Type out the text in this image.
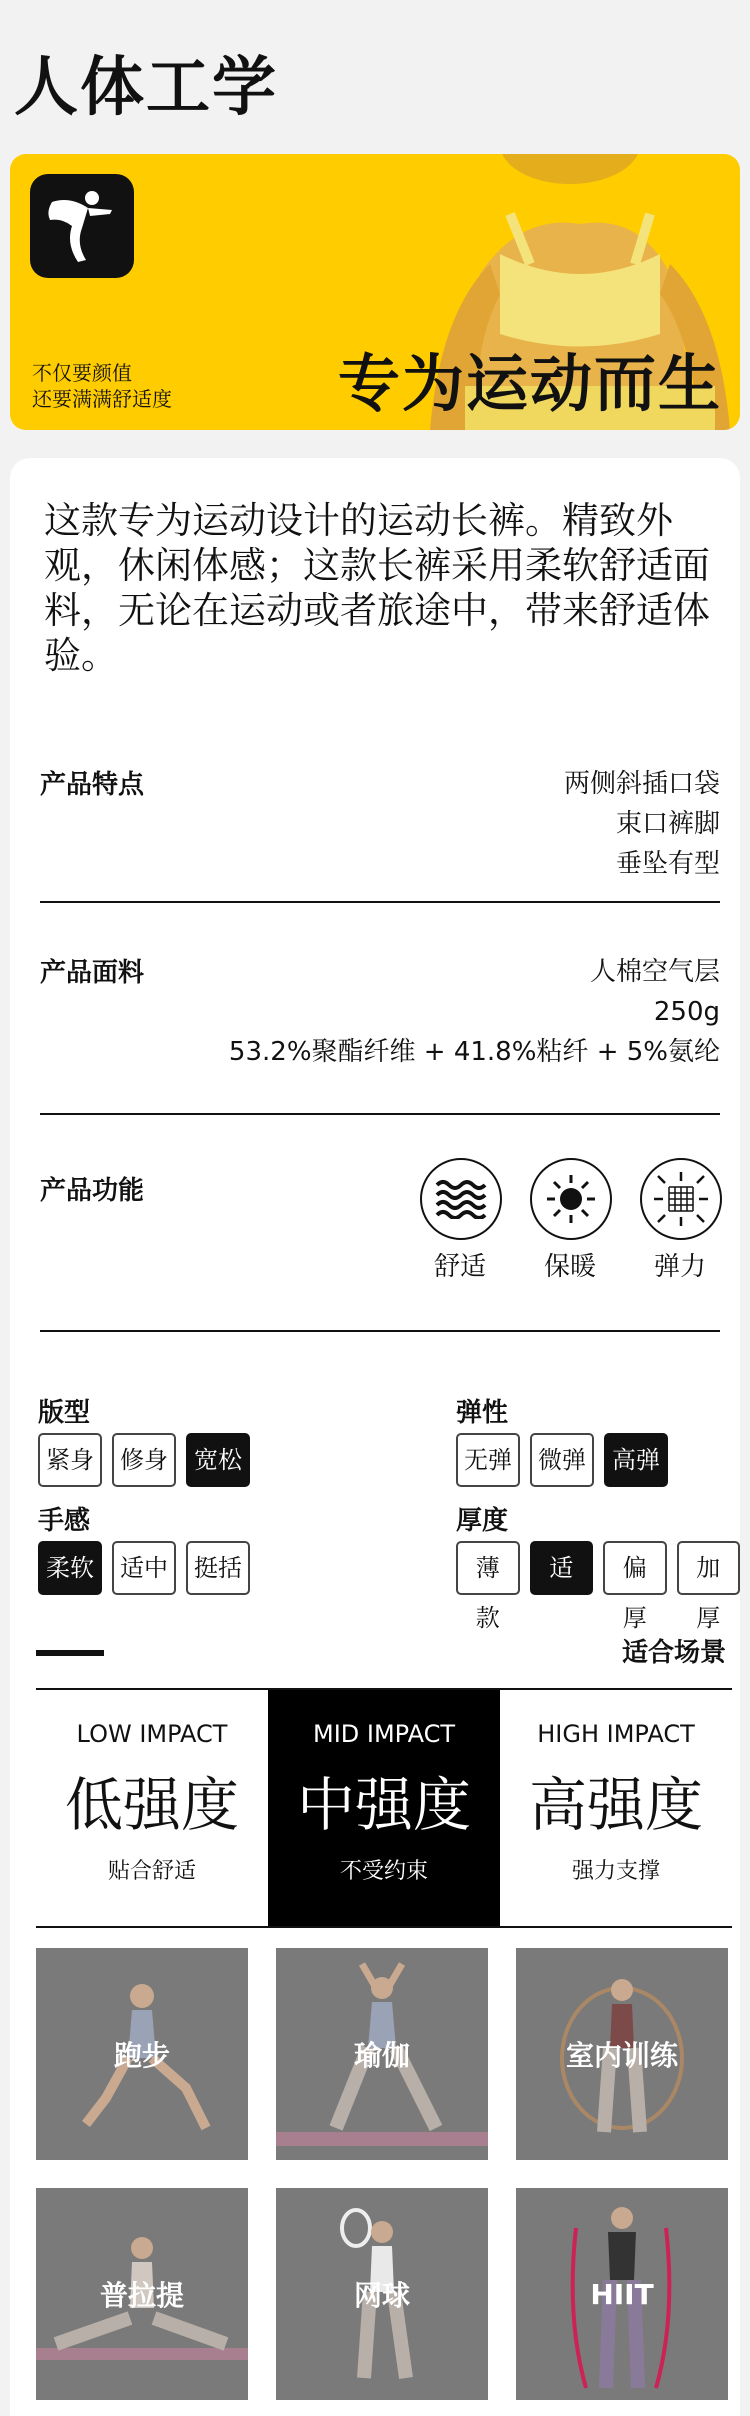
人体工学
不仅要颜值
还要满满舒适度	专为运动而生
这款专为运动设计的运动长裤。精致外观，休闲体感；这款长裤采用柔软舒适面料，无论在运动或者旅途中，带来舒适体验。
产品特点	两侧斜插口袋
束口裤脚
垂坠有型
产品面料	人棉空气层
250g
53.2%聚酯纤维 + 41.8%粘纤 + 5%氨纶
产品功能
舒适	保暖	弹力
版型
紧身	修身	宽松
弹性
无弹	微弹	高弹
手感
柔软	适中	挺括
厚度
薄款
适中
偏厚
加厚
适合场景
LOW IMPACT
低强度
贴合舒适
MID IMPACT
中强度
不受约束
HIGH IMPACT
高强度
强力支撑
跑步	瑜伽	室内训练
普拉提	网球	HIIT
